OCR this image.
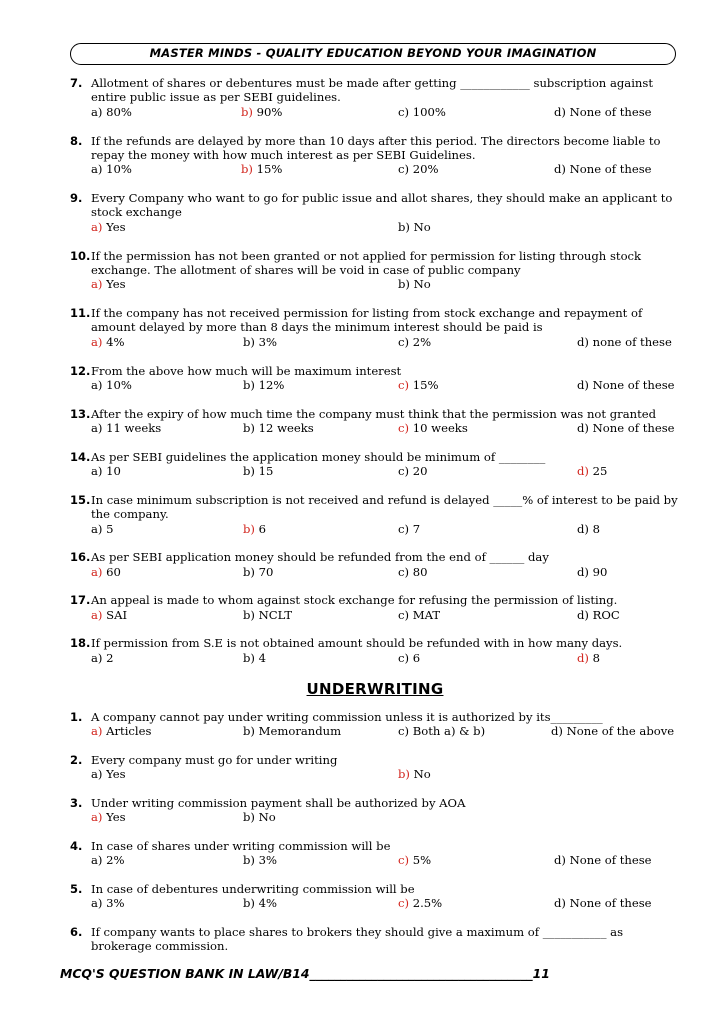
MASTER MINDS - QUALITY EDUCATION BEYOND YOUR IMAGINATION
7. Allotment of shares or debentures must be made after getting ____________ subscription against entire public issue as per SEBI guidelines.
a) 80%	b) 90%	c) 100%	d) None of these
8. If the refunds are delayed by more than 10 days after this period. The directors become liable to repay the money with how much interest as per SEBI Guidelines.
a) 10%	b) 15%	c) 20%	d) None of these
9. Every Company who want to go for public issue and allot shares, they should make an applicant to stock exchange
a) Yes	b) No
10. If the permission has not been granted or not applied for permission for listing through stock exchange. The allotment of shares will be void in case of public company
a) Yes	b) No
11. If the company has not received permission for listing from stock exchange and repayment of amount delayed by more than 8 days the minimum interest should be paid is
a) 4%	b) 3%	c) 2%	d) none of these
12. From the above how much will be maximum interest
a) 10%	b) 12%	c) 15%	d) None of these
13. After the expiry of how much time the company must think that the permission was not granted
a) 11 weeks	b) 12 weeks	c) 10 weeks	d) None of these
14. As per SEBI guidelines the application money should be minimum of ________
a) 10	b) 15	c) 20	d) 25
15. In case minimum subscription is not received and refund is delayed _____% of interest to be paid by the company.
a) 5	b) 6	c) 7	d) 8
16. As per SEBI application money should be refunded from the end of ______ day
a) 60	b) 70	c) 80	d) 90
17. An appeal is made to whom against stock exchange for refusing the permission of listing.
a) SAI	b) NCLT	c) MAT	d) ROC
18. If permission from S.E is not obtained amount should be refunded with in how many days.
a) 2	b) 4	c) 6	d) 8
UNDERWRITING
1. A company cannot pay under writing commission unless it is authorized by its_________
a) Articles	b) Memorandum	c) Both a) & b)	d) None of the above
2. Every company must go for under writing
a) Yes	b) No
3. Under writing commission payment shall be authorized by AOA
a) Yes	b) No
4. In case of shares under writing commission will be
a) 2%	b) 3%	c) 5%	d) None of these
5. In case of debentures underwriting commission will be
a) 3%	b) 4%	c) 2.5%	d) None of these
6. If company wants to place shares to brokers they should give a maximum of ___________ as brokerage commission.
MCQ'S QUESTION BANK IN LAW/B14____________________________________11
